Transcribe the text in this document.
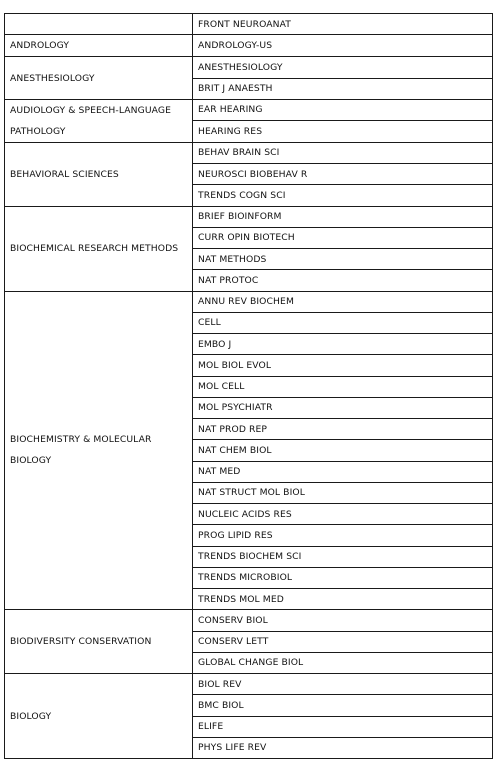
	FRONT NEUROANAT
ANDROLOGY	ANDROLOGY-US
ANESTHESIOLOGY	ANESTHESIOLOGY
	BRIT J ANAESTH
AUDIOLOGY & SPEECH-LANGUAGE PATHOLOGY	EAR HEARING
	HEARING RES
BEHAVIORAL SCIENCES	BEHAV BRAIN SCI
	NEUROSCI BIOBEHAV R
	TRENDS COGN SCI
BIOCHEMICAL RESEARCH METHODS	BRIEF BIOINFORM
	CURR OPIN BIOTECH
	NAT METHODS
	NAT PROTOC
BIOCHEMISTRY & MOLECULAR BIOLOGY	ANNU REV BIOCHEM
	CELL
	EMBO J
	MOL BIOL EVOL
	MOL CELL
	MOL PSYCHIATR
	NAT PROD REP
	NAT CHEM BIOL
	NAT MED
	NAT STRUCT MOL BIOL
	NUCLEIC ACIDS RES
	PROG LIPID RES
	TRENDS BIOCHEM SCI
	TRENDS MICROBIOL
	TRENDS MOL MED
BIODIVERSITY CONSERVATION	CONSERV BIOL
	CONSERV LETT
	GLOBAL CHANGE BIOL
BIOLOGY	BIOL REV
	BMC BIOL
	ELIFE
	PHYS LIFE REV
